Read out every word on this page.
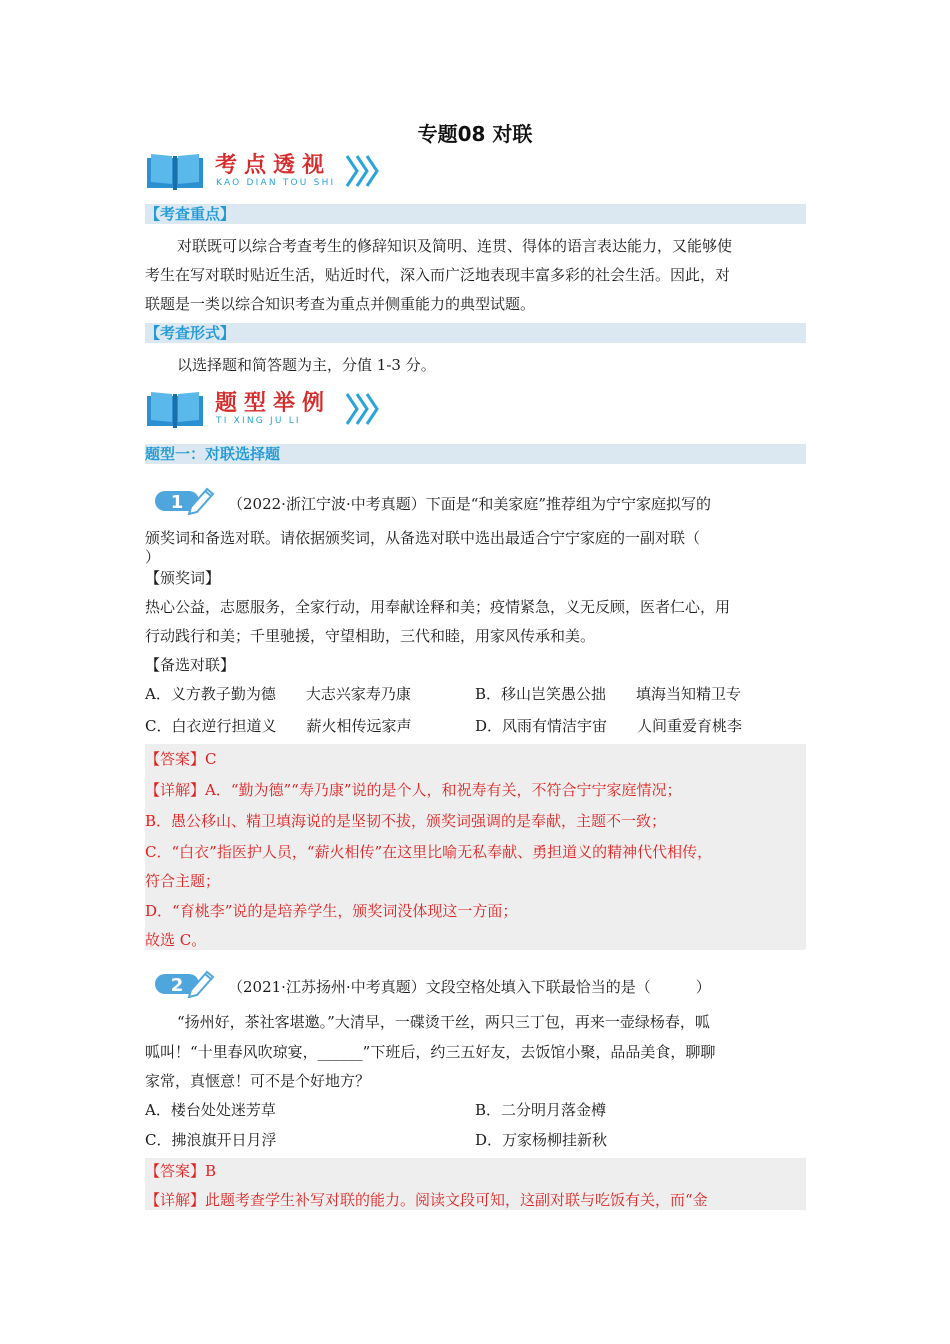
专题08 对联
考点透视
KAO DIAN TOU SHI
【考查重点】
对联既可以综合考查考生的修辞知识及简明、连贯、得体的语言表达能力，又能够使
考生在写对联时贴近生活，贴近时代，深入而广泛地表现丰富多彩的社会生活。因此，对
联题是一类以综合知识考查为重点并侧重能力的典型试题。
【考查形式】
以选择题和简答题为主，分值 1-3 分。
题型举例
TI XING JU LI
题型一：对联选择题
1	（2022·浙江宁波·中考真题）下面是“和美家庭”推荐组为宁宁家庭拟写的
颁奖词和备选对联。请依据颁奖词，从备选对联中选出最适合宁宁家庭的一副对联（
）
【颁奖词】
热心公益，志愿服务，全家行动，用奉献诠释和美；疫情紧急，义无反顾，医者仁心，用
行动践行和美；千里驰援，守望相助，三代和睦，用家风传承和美。
【备选对联】
A．义方教子勤为德　　大志兴家寿乃康	B．移山岂笑愚公拙　　填海当知精卫专
C．白衣逆行担道义　　薪火相传远家声	D．风雨有情洁宇宙　　人间重爱育桃李
【答案】C
【详解】A．“勤为德”“寿乃康”说的是个人，和祝寿有关，不符合宁宁家庭情况；
B．愚公移山、精卫填海说的是坚韧不拔，颁奖词强调的是奉献，主题不一致；
C．“白衣”指医护人员，“薪火相传”在这里比喻无私奉献、勇担道义的精神代代相传，
符合主题；
D．“育桃李”说的是培养学生，颁奖词没体现这一方面；
故选 C。
2	（2021·江苏扬州·中考真题）文段空格处填入下联最恰当的是（　　　）
“扬州好，茶社客堪邀。”大清早，一碟烫干丝，两只三丁包，再来一壶绿杨春，呱
呱叫！“十里春风吹琼宴，______”下班后，约三五好友，去饭馆小聚，品品美食，聊聊
家常，真惬意！可不是个好地方？
A．楼台处处迷芳草	B．二分明月落金樽
C．拂浪旗开日月浮	D．万家杨柳挂新秋
【答案】B
【详解】此题考查学生补写对联的能力。阅读文段可知，这副对联与吃饭有关，而“金
